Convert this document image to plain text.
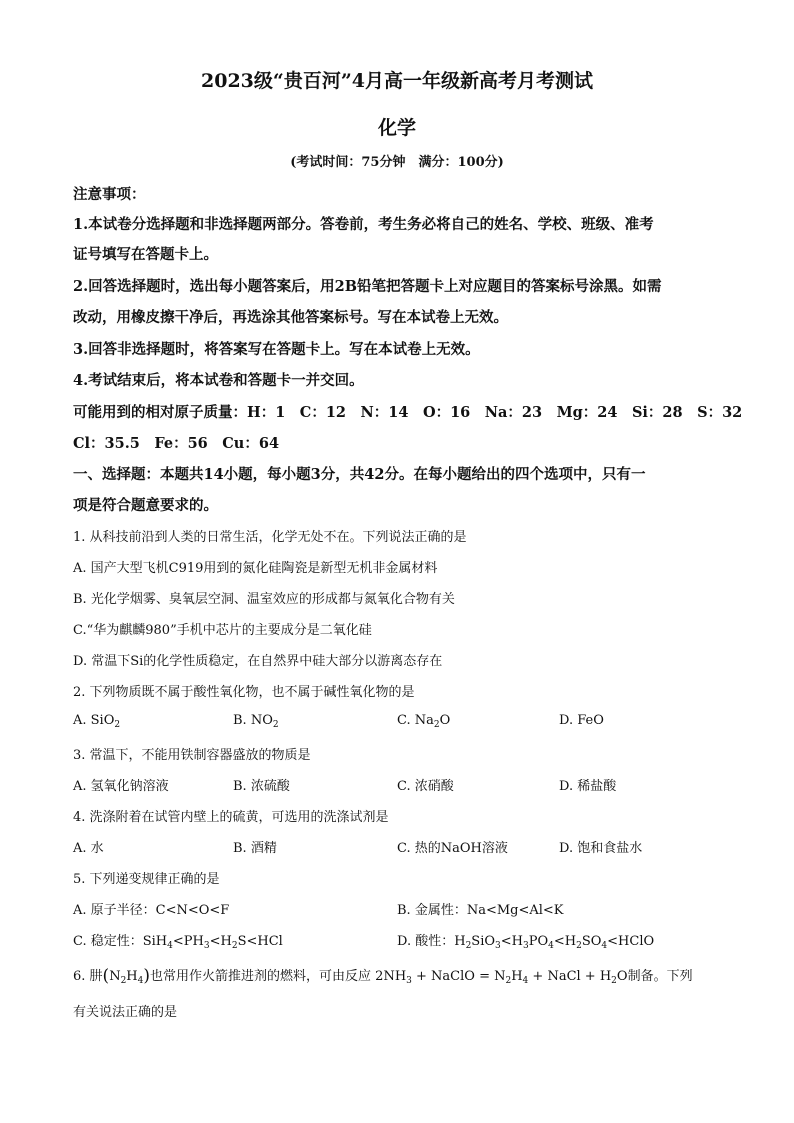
2023级“贵百河”4月高一年级新高考月考测试
化学
(考试时间：75分钟　满分：100分)
注意事项：
1.本试卷分选择题和非选择题两部分。答卷前，考生务必将自己的姓名、学校、班级、准考
证号填写在答题卡上。
2.回答选择题时，选出每小题答案后，用2B铅笔把答题卡上对应题目的答案标号涂黑。如需
改动，用橡皮擦干净后，再选涂其他答案标号。写在本试卷上无效。
3.回答非选择题时，将答案写在答题卡上。写在本试卷上无效。
4.考试结束后，将本试卷和答题卡一并交回。
可能用到的相对原子质量：H：1　C：12　N：14　O：16　Na：23　Mg：24　Si：28　S：32
Cl：35.5　Fe：56　Cu：64
一、选择题：本题共14小题，每小题3分，共42分。在每小题给出的四个选项中，只有一
项是符合题意要求的。
1. 从科技前沿到人类的日常生活，化学无处不在。下列说法正确的是
A. 国产大型飞机C919用到的氮化硅陶瓷是新型无机非金属材料
B. 光化学烟雾、臭氧层空洞、温室效应的形成都与氮氧化合物有关
C.“华为麒麟980”手机中芯片的主要成分是二氧化硅
D. 常温下Si的化学性质稳定，在自然界中硅大部分以游离态存在
2. 下列物质既不属于酸性氧化物，也不属于碱性氧化物的是
A. SiO$_2$	B. $NO_2$	C. $Na_2O$	D. FeO
3. 常温下，不能用铁制容器盛放的物质是
A. 氢氧化钠溶液	B. 浓硫酸	C. 浓硝酸	D. 稀盐酸
4. 洗涤附着在试管内壁上的硫黄，可选用的洗涤试剂是
A. 水	B. 酒精	C. 热的NaOH溶液	D. 饱和食盐水
5. 下列递变规律正确的是
A. 原子半径：C<N<O<F	B. 金属性：Na<Mg<Al<K
C. 稳定性：$SiH_4<PH_3<H_2S<HCl$	D. 酸性：$H_2SiO_3<H_3PO_4<H_2SO_4<HClO$
6. 肼$(N_2H_4)$也常用作火箭推进剂的燃料，可由反应 $2NH_3$ + NaClO = $N_2H_4$ + NaCl + $H_2O$制备。下列
有关说法正确的是
